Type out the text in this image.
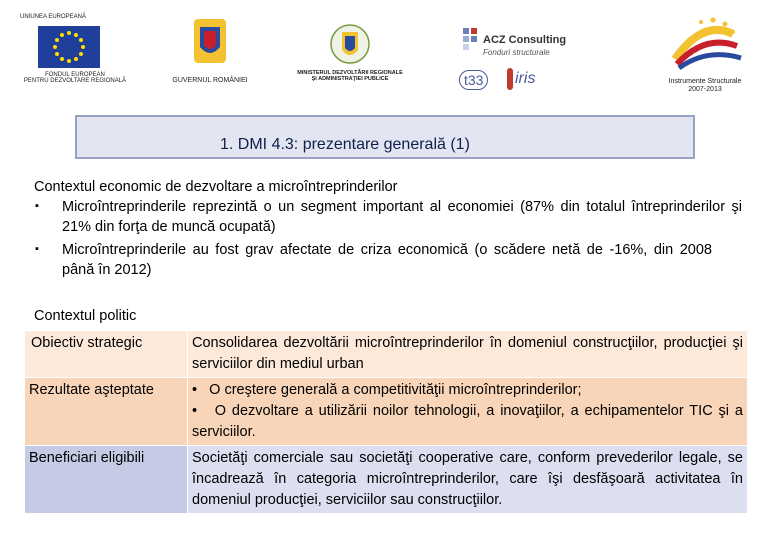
UNIUNEA EUROPEANĂ
FONDUL EUROPEAN
PENTRU DEZVOLTARE REGIONALĂ	GUVERNUL ROMÂNIEI
MINISTERUL DEZVOLTĂRII REGIONALE
ŞI ADMINISTRAŢIEI PUBLICE
ACZ Consulting
Fonduri structurale
t33	iris	Instrumente Structurale
2007-2013
1. DMI 4.3: prezentare generală (1)
Contextul economic de dezvoltare a microîntreprinderilor
▪ Microîntreprinderile reprezintă o un segment important al economiei (87% din totalul întreprinderilor şi 21% din forţa de muncă ocupată)
▪ Microîntreprinderile au fost grav afectate de criza economică (o scădere netă de -16%, din 2008 până în 2012)
Contextul politic
Obiectiv strategic	Consolidarea dezvoltării microîntreprinderilor în domeniul construcţiilor, producţiei şi serviciilor din mediul urban
Rezultate aşteptate	•   O creştere generală a competitivităţii microîntreprinderilor;
•   O dezvoltare a utilizării noilor tehnologii, a inovaţiilor, a echipamentelor TIC şi a serviciilor.

Beneficiari eligibili	Societăţi comerciale sau societăţi cooperative care, conform prevederilor legale, se încadrează în categoria microîntreprinderilor, care îşi desfăşoară activitatea în domeniul producţiei, serviciilor sau construcţiilor.
